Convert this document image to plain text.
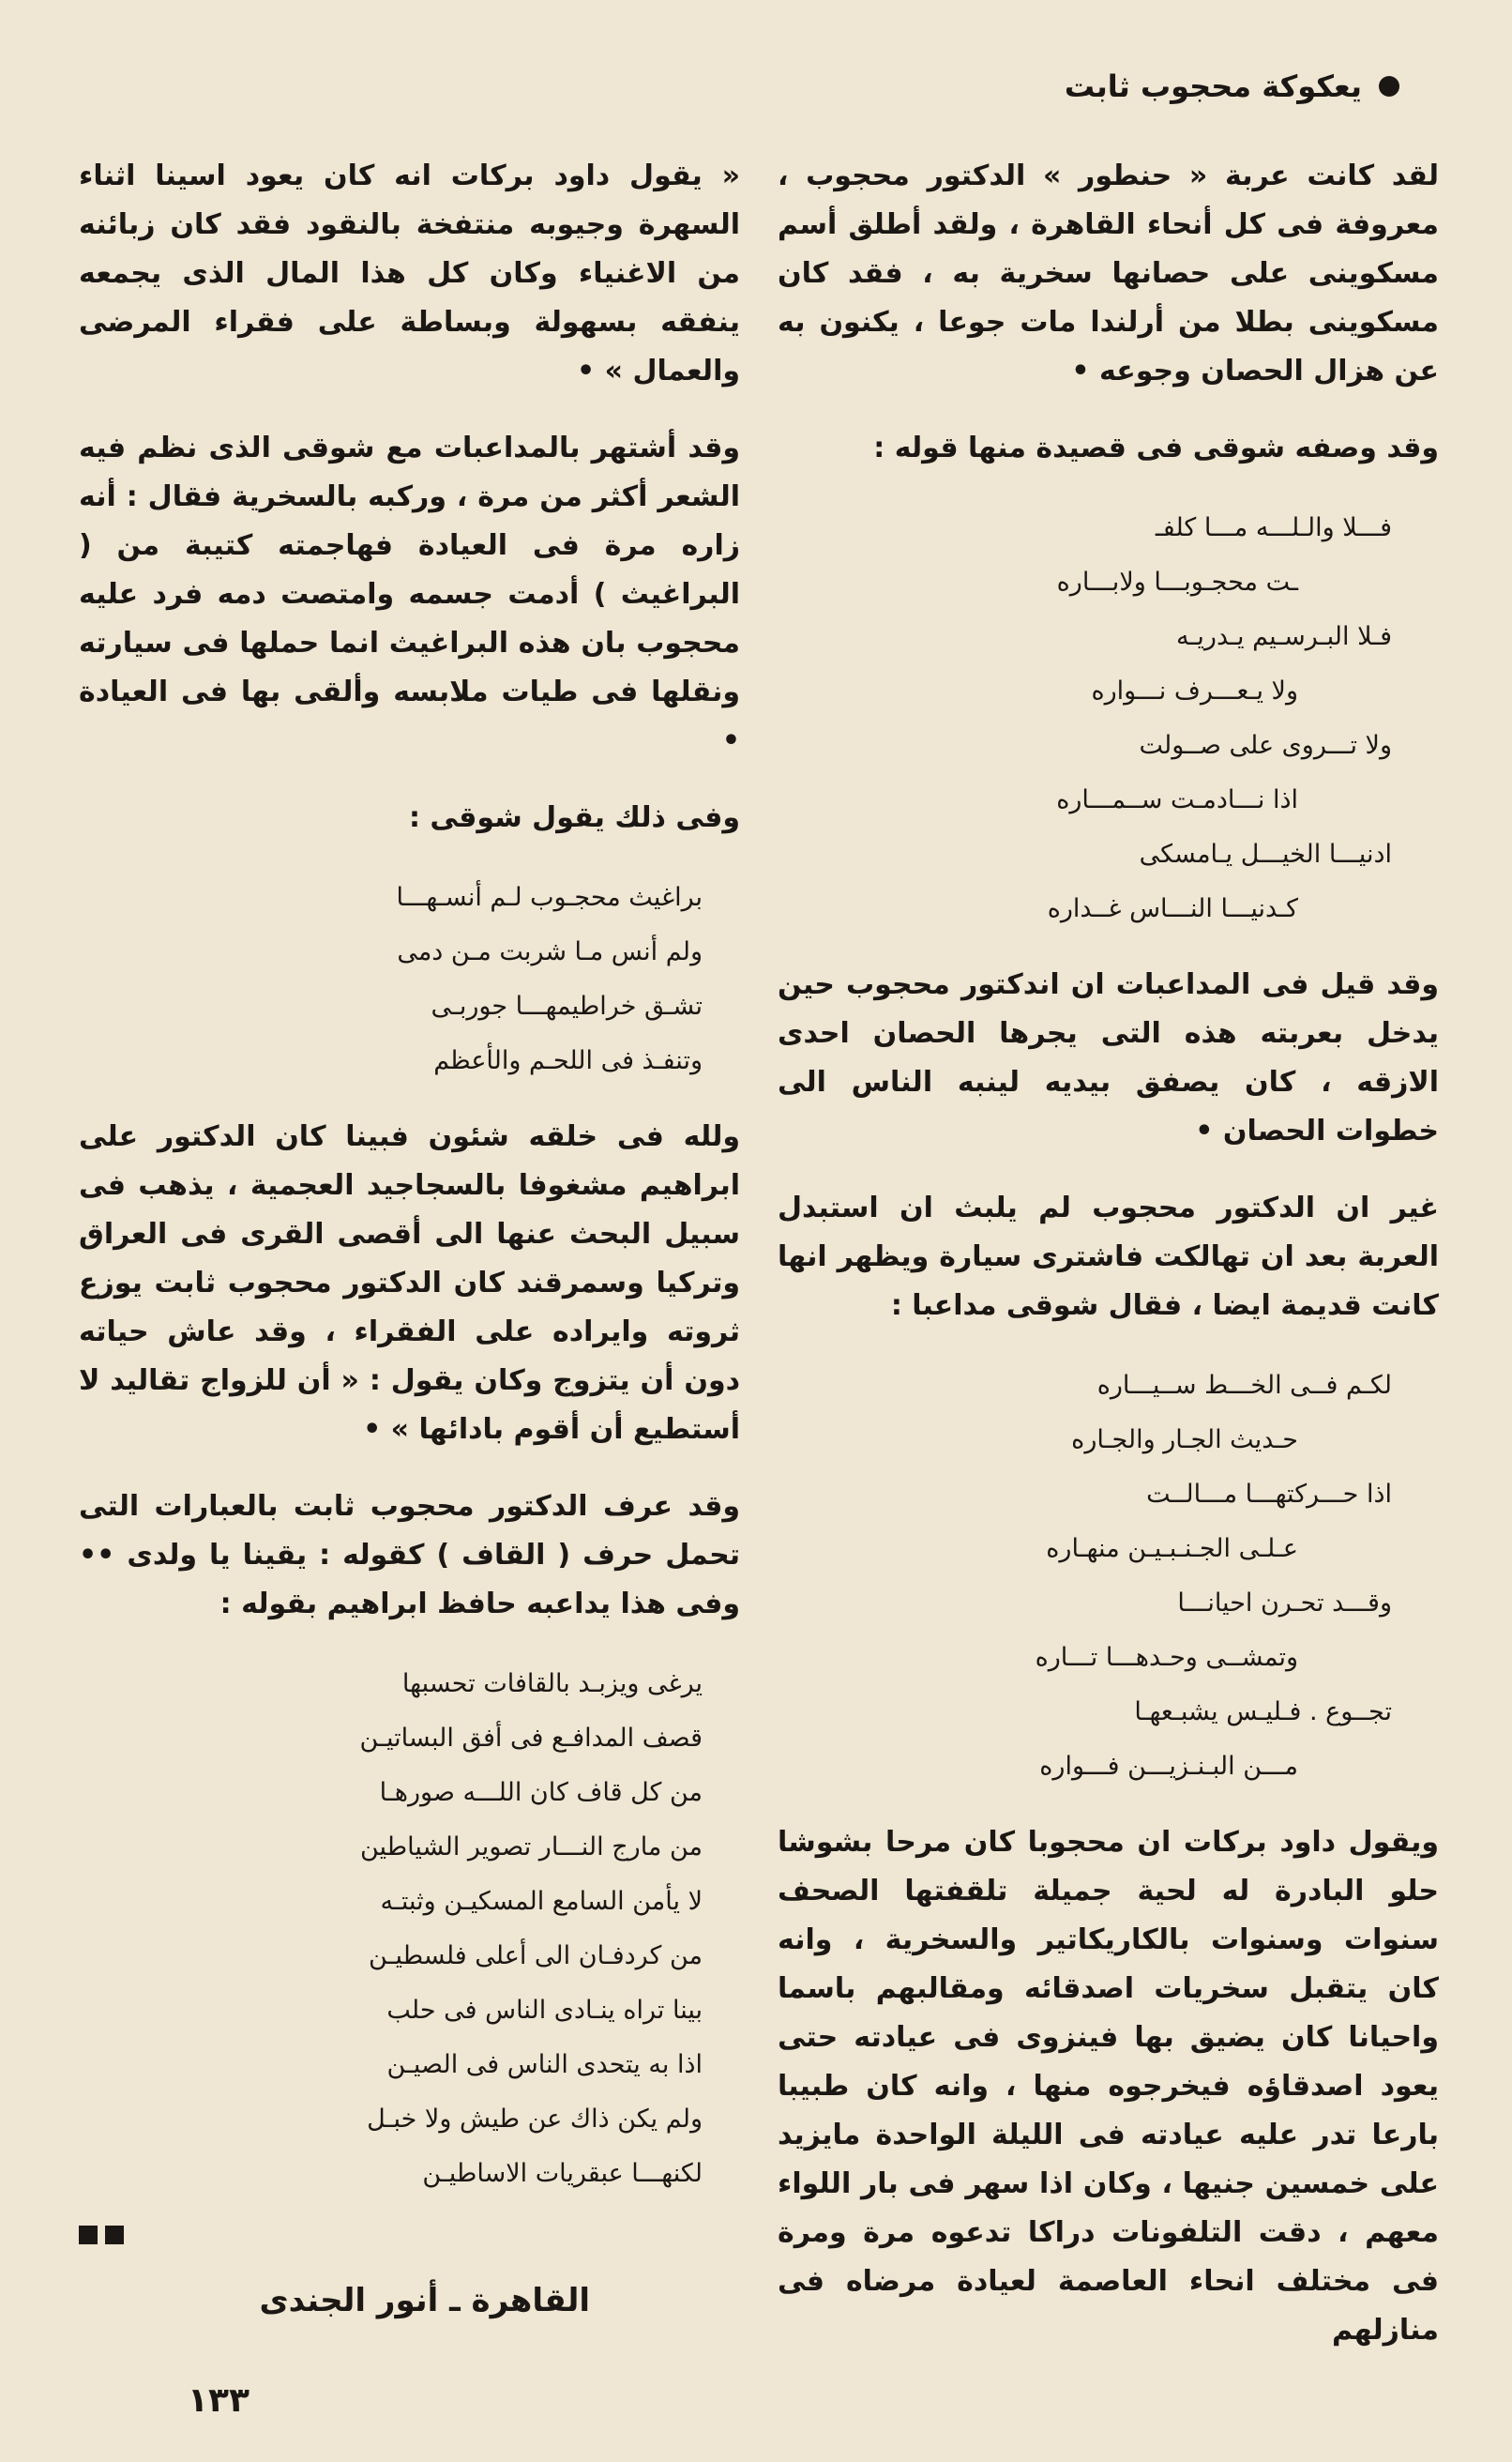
يعكوكة محجوب ثابت

لقد كانت عربة « حنطور » الدكتور محجوب ، معروفة فى كل أنحاء القاهرة ، ولقد أطلق أسم مسكوينى على حصانها سخرية به ، فقد كان مسكوينى بطلا من أرلندا مات جوعا ، يكنون به عن هزال الحصان وجوعه •

وقد وصفه شوقى فى قصيدة منها قوله :

فـــلا والـلـــه مـــا كلفـ
ـت محجـوبـــا ولابـــاره
فـلا البـرسـيم يـدريـه
ولا يـعـــرف نـــواره
ولا تـــروى على صــولت
اذا نـــادمـت ســمـــاره
ادنيـــا الخيـــل يـامسكى
كـدنيـــا النـــاس غــداره

وقد قيل فى المداعبات ان اندكتور محجوب حين يدخل بعربته هذه التى يجرها الحصان احدى الازقه ، كان يصفق بيديه لينبه الناس الى خطوات الحصان •

غير ان الدكتور محجوب لم يلبث ان استبدل العربة بعد ان تهالكت فاشترى سيارة ويظهر انها كانت قديمة ايضا ، فقال شوقى مداعبا :

لكـم فــى الخـــط ســيـــاره
حـديث الجـار والجـاره
اذا حـــركتهـــا مـــالــت
عـلـى الجـنـبـيـن منهـاره
وقـــد تحـرن احيانـــا
وتمشــى وحـدهـــا تـــاره
تجــوع . فـليـس يشبـعهـا
مـــن البـنـزيـــن فـــواره

ويقول داود بركات ان محجوبا كان مرحا بشوشا حلو البادرة له لحية جميلة تلقفتها الصحف سنوات وسنوات بالكاريكاتير والسخرية ، وانه كان يتقبل سخريات اصدقائه ومقالبهم باسما واحيانا كان يضيق بها فينزوى فى عيادته حتى يعود اصدقاؤه فيخرجوه منها ، وانه كان طبيبا بارعا تدر عليه عيادته فى الليلة الواحدة مايزيد على خمسين جنيها ، وكان اذا سهر فى بار اللواء معهم ، دقت التلفونات دراكا تدعوه مرة ومرة فى مختلف انحاء العاصمة لعيادة مرضاه فى منازلهم

« يقول داود بركات انه كان يعود اسينا اثناء السهرة وجيوبه منتفخة بالنقود فقد كان زبائنه من الاغنياء وكان كل هذا المال الذى يجمعه ينفقه بسهولة وبساطة على فقراء المرضى والعمال » •

وقد أشتهر بالمداعبات مع شوقى الذى نظم فيه الشعر أكثر من مرة ، وركبه بالسخرية فقال : أنه زاره مرة فى العيادة فهاجمته كتيبة من ( البراغيث ) أدمت جسمه وامتصت دمه فرد عليه محجوب بان هذه البراغيث انما حملها فى سيارته ونقلها فى طيات ملابسه وألقى بها فى العيادة •

وفى ذلك يقول شوقى :

براغيث محجـوب لـم أنسـهـــا
ولم أنس مـا شربت مـن دمى
تشـق خراطيمهـــا جوربـى
وتنفـذ فى اللحـم والأعظم

ولله فى خلقه شئون فبينا كان الدكتور على ابراهيم مشغوفا بالسجاجيد العجمية ، يذهب فى سبيل البحث عنها الى أقصى القرى فى العراق وتركيا وسمرقند كان الدكتور محجوب ثابت يوزع ثروته وايراده على الفقراء ، وقد عاش حياته دون أن يتزوج وكان يقول : « أن للزواج تقاليد لا أستطيع أن أقوم بادائها » •

وقد عرف الدكتور محجوب ثابت بالعبارات التى تحمل حرف ( القاف ) كقوله : يقينا يا ولدى •• وفى هذا يداعبه حافظ ابراهيم بقوله :

يرغى ويزبـد بالقافات تحسبها
قصف المدافـع فى أفق البساتيـن
من كل قاف كان اللـــه صورهـا
من مارج النـــار تصوير الشياطين
لا يأمن السامع المسكيـن وثبتـه
من كردفـان الى أعلى فلسطيـن
بينا تراه ينـادى الناس فى حلب
اذا به يتحدى الناس فى الصيـن
ولم يكن ذاك عن طيش ولا خبـل
لكنهـــا عبقريات الاساطيـن
القاهرة ـ أنور الجندى
١٣٣
